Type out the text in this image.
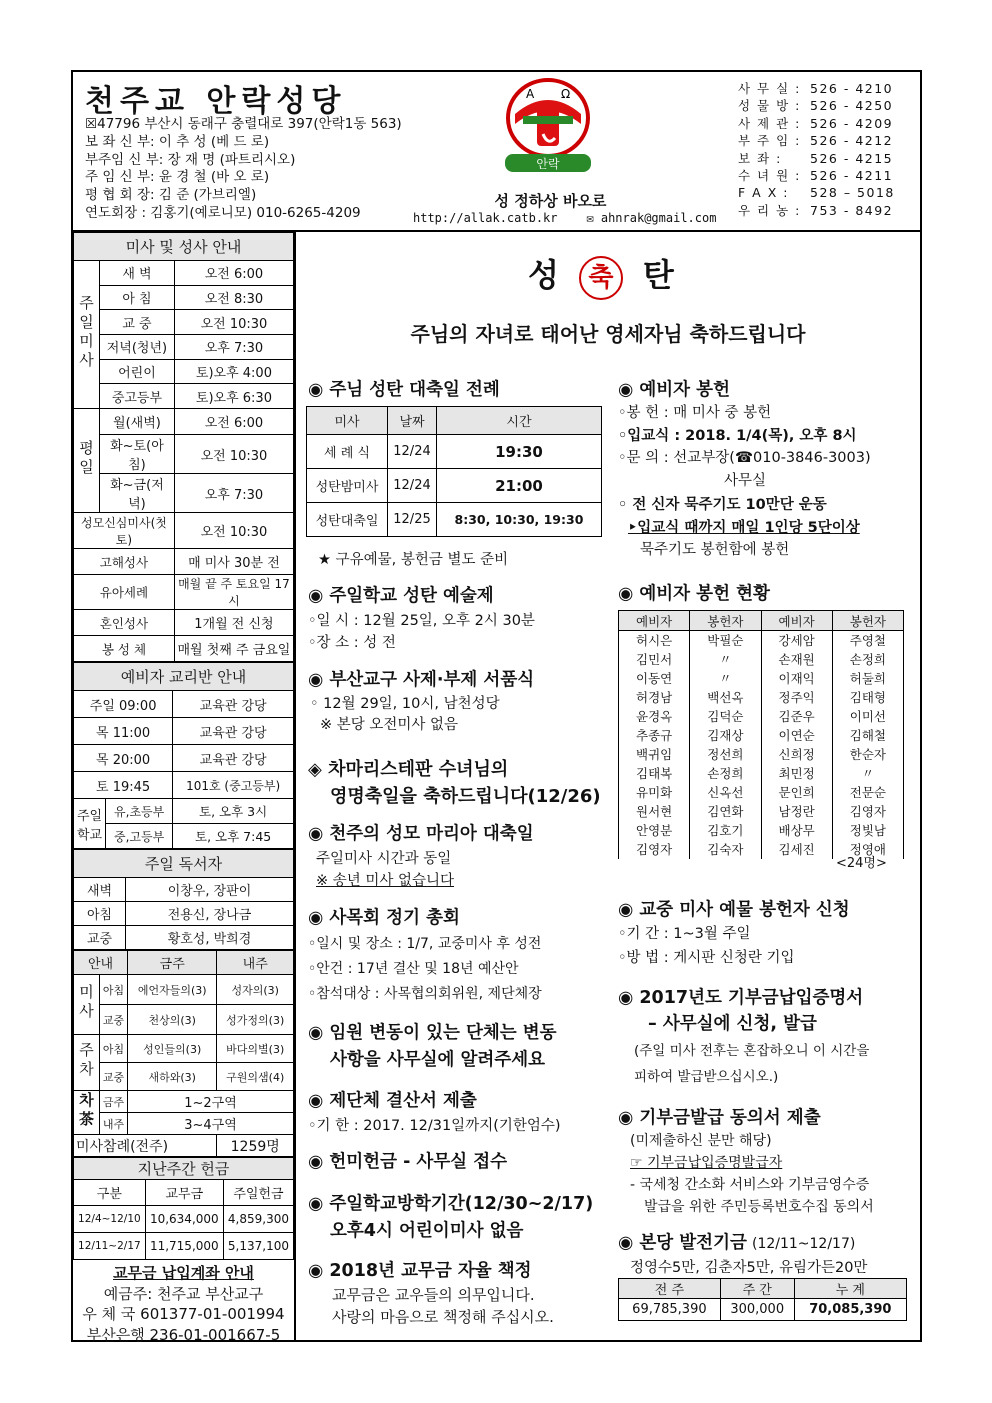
천주교 안락성당
☒47796 부산시 동래구 충렬대로 397(안락1동 563)
보 좌 신 부: 이 추 성 (베 드 로)
부주임 신 부: 장 재 명 (파트리시오)
주 임 신 부: 윤 경 철 (바 오 로)
평 협 회 장: 김 준 (가브리엘)
연도회장 : 김홍기(예로니모) 010-6265-4209
A Ω
안락
성 정하상 바오로
http://allak.catb.kr ✉ ahnrak@gmail.com
사 무 실 : 526 - 4210
성 물 방 : 526 - 4250
사 제 관 : 526 - 4209
부 주 임 : 526 - 4212
보 좌 :	526 - 4215
수 녀 원 : 526 - 4211
F A X :	528 – 5018
우 리 농 : 753 - 8492
미사 및 성사 안내		
주일미사	새 벽	오전 6:00
	아 침	오전 8:30
	교 중	오전 10:30
	저녁(청년)	오후 7:30
	어린이	토)오후 4:00
	중고등부	토)오후 6:30
평일	월(새벽)	오전 6:00
	화~토(아침)	오전 10:30
	화~금(저녁)	오후 7:30
성모신심미사(첫토)		오전 10:30
고해성사		매 미사 30분 전
유아세례		매월 끝 주 토요일 17시
혼인성사		1개월 전 신청
봉 성 체		매월 첫째 주 금요일
예비자 교리반 안내		
주일 09:00		교육관 강당
목 11:00		교육관 강당
목 20:00		교육관 강당
토 19:45		101호 (중고등부)
주일학교	유,초등부	토, 오후 3시
	중,고등부	토, 오후 7:45
주일 독서자	
새벽	이창우, 장판이
아침	전용신, 장나금
교중	황호성, 박희경
안내		금주	내주
미사	아침	에언자들의(3)	성자의(3)
	교중	천상의(3)	성가정의(3)
주차	아침	성인들의(3)	바다의별(3)
	교중	새하와(3)	구원의샘(4)
차茶	금주	1~2구역	
	내주	3~4구역	
미사참례(전주)			1259명
지난주간 헌금		
구분	교무금	주일헌금
12/4~12/10	10,634,000	4,859,300
12/11~2/17	11,715,000	5,137,100
교무금 납입계좌 안내
예금주: 천주교 부산교구
우 체 국 601377-01-001994
부산은행 236-01-001667-5
성 축 탄
주님의 자녀로 태어난 영세자님 축하드립니다
◉ 주님 성탄 대축일 전례
미사	날짜	시간
세 례 식	12/24	19:30
성탄밤미사	12/24	21:00
성탄대축일	12/25	8:30, 10:30, 19:30
★ 구유예물, 봉헌금 별도 준비
◉ 주일학교 성탄 예술제
◦일 시 : 12월 25일, 오후 2시 30분
◦장 소 : 성 전
◉ 부산교구 사제·부제 서품식
◦ 12월 29일, 10시, 남천성당
※ 본당 오전미사 없음
◈ 차마리스테판 수녀님의
영명축일을 축하드립니다(12/26)
◉ 천주의 성모 마리아 대축일
주일미사 시간과 동일
※ 송년 미사 없습니다
◉ 사목회 정기 총회
◦일시 및 장소 : 1/7, 교중미사 후 성전
◦안건 : 17년 결산 및 18년 예산안
◦참석대상 : 사목협의회위원, 제단체장
◉ 임원 변동이 있는 단체는 변동
사항을 사무실에 알려주세요
◉ 제단체 결산서 제출
◦기 한 : 2017. 12/31일까지(기한엄수)
◉ 헌미헌금 - 사무실 접수
◉ 주일학교방학기간(12/30~2/17)
오후4시 어린이미사 없음
◉ 2018년 교무금 자율 책정
교무금은 교우들의 의무입니다.
사랑의 마음으로 책정해 주십시오.
◉ 예비자 봉헌
◦봉 헌 : 매 미사 중 봉헌
◦입교식 : 2018. 1/4(목), 오후 8시
◦문 의 : 선교부장(☎010-3846-3003)
사무실
◦ 전 신자 묵주기도 10만단 운동
‣입교식 때까지 매일 1인당 5단이상
묵주기도 봉헌함에 봉헌
◉ 예비자 봉헌 현황
예비자	봉헌자	예비자	봉헌자
허시은	박필순	강세암	주영철
김민서	〃	손재원	손정희
이동연	〃	이재익	허둘희
허경남	백선옥	정주익	김태형
윤경옥	김덕순	김준우	이미선
추종규	김재상	이연순	김해철
백귀임	정선희	신희정	한순자
김태복	손정희	최민정	〃
유미화	신옥선	문인희	전문순
원서현	김연화	남정란	김영자
안영분	김호기	배상무	정빛남
김영자	김숙자	김세진	정영애
<24명>
◉ 교중 미사 예물 봉헌자 신청
◦기 간 : 1~3월 주일
◦방 법 : 게시판 신청란 기입
◉ 2017년도 기부금납입증명서
– 사무실에 신청, 발급
(주일 미사 전후는 혼잡하오니 이 시간을
피하여 발급받으십시오.)
◉ 기부금발급 동의서 제출
(미제출하신 분만 해당)
☞ 기부금납입증명발급자
- 국세청 간소화 서비스와 기부금영수증
발급을 위한 주민등록번호수집 동의서
◉ 본당 발전기금 (12/11~12/17)
정영수5만, 김춘자5만, 유림가든20만
전 주	주 간	누 계
69,785,390	300,000	70,085,390
